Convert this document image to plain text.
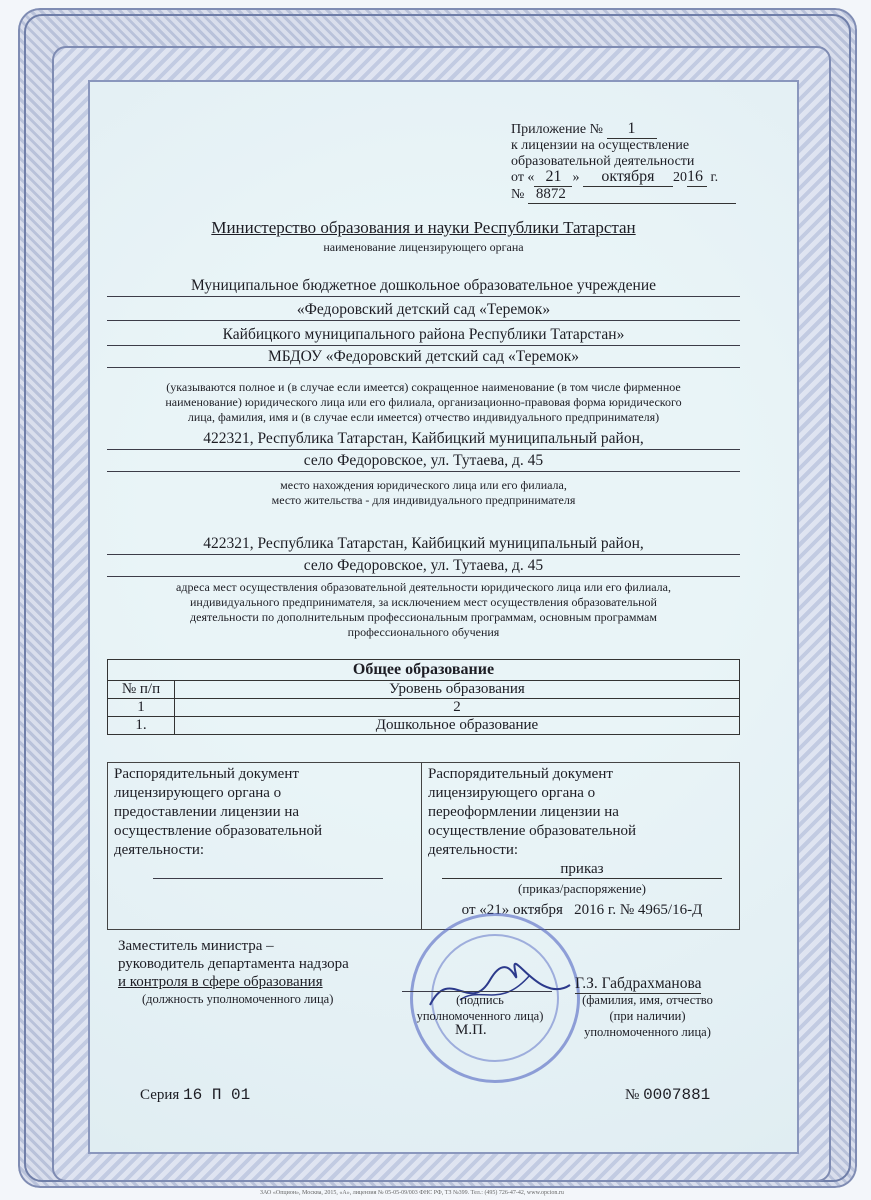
Приложение № 1
к лицензии на осуществление
образовательной деятельности
от « 21 » октября 2016 г.
№ 8872
Министерство образования и науки Республики Татарстан
наименование лицензирующего органа
Муниципальное бюджетное дошкольное образовательное учреждение
«Федоровский детский сад «Теремок»
Кайбицкого муниципального района Республики Татарстан»
МБДОУ «Федоровский детский сад «Теремок»
(указываются полное и (в случае если имеется) сокращенное наименование (в том числе фирменное
наименование) юридического лица или его филиала, организационно-правовая форма юридического
лица, фамилия, имя и (в случае если имеется) отчество индивидуального предпринимателя)
422321, Республика Татарстан, Кайбицкий муниципальный район,
село Федоровское, ул. Тутаева, д. 45
место нахождения юридического лица или его филиала,
место жительства - для индивидуального предпринимателя
422321, Республика Татарстан, Кайбицкий муниципальный район,
село Федоровское, ул. Тутаева, д. 45
адреса мест осуществления образовательной деятельности юридического лица или его филиала,
индивидуального предпринимателя, за исключением мест осуществления образовательной
деятельности по дополнительным профессиональным программам, основным программам
профессионального обучения
Общее образование	
№ п/п	Уровень образования
1	2
1.	Дошкольное образование
Распорядительный документ
лицензирующего органа о
предоставлении лицензии на
осуществление образовательной
деятельности:
Распорядительный документ
лицензирующего органа о
переоформлении лицензии на
осуществление образовательной
деятельности:
приказ
(приказ/распоряжение)
от «21» октября   2016 г. № 4965/16-Д
Заместитель министра –
руководитель департамента надзора
и контроля в сфере образования
(должность уполномоченного лица)	(подпись
уполномоченного лица)
М.П.
Г.З. Габдрахманова
(фамилия, имя, отчество
(при наличии)
уполномоченного лица)
Серия 16 П 01	№ 0007881
ЗАО «Опцион», Москва, 2015, «А», лицензия № 05-05-09/003 ФНС РФ, ТЗ №399. Тел.: (495) 726-47-42, www.opcion.ru
